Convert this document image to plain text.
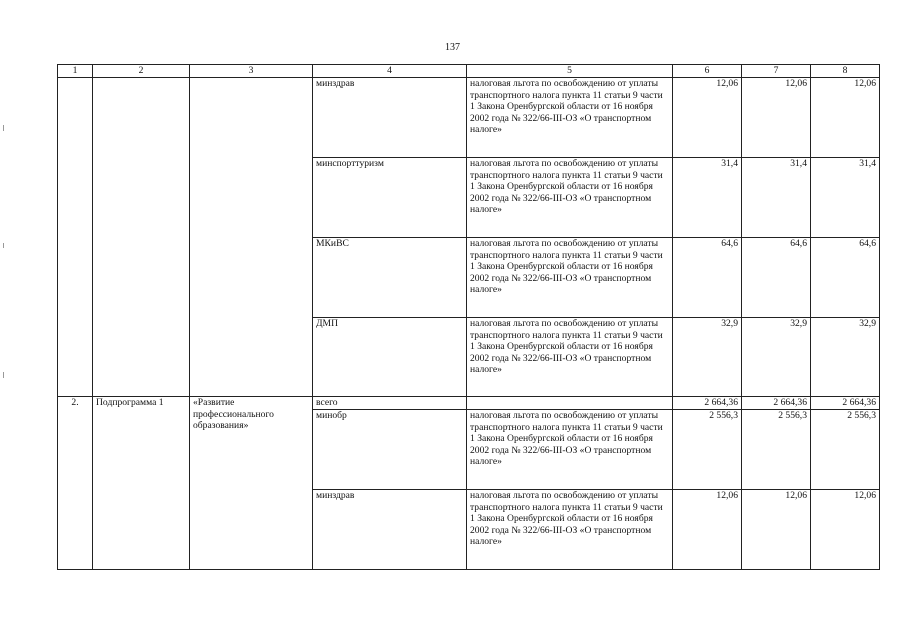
137
1	2	3	4	5	6	7	8
			минздрав	налоговая льгота по освобождению от уплаты транспортного налога пункта 11 статьи 9 части 1 Закона Оренбургской области от 16 ноября 2002 года № 322/66-III-ОЗ «О транспортном налоге»	12,06	12,06	12,06
			минспорттуризм	налоговая льгота по освобождению от уплаты транспортного налога пункта 11 статьи 9 части 1 Закона Оренбургской области от 16 ноября 2002 года № 322/66-III-ОЗ «О транспортном налоге»	31,4	31,4	31,4
			МКиВС	налоговая льгота по освобождению от уплаты транспортного налога пункта 11 статьи 9 части 1 Закона Оренбургской области от 16 ноября 2002 года № 322/66-III-ОЗ «О транспортном налоге»	64,6	64,6	64,6
			ДМП	налоговая льгота по освобождению от уплаты транспортного налога пункта 11 статьи 9 части 1 Закона Оренбургской области от 16 ноября 2002 года № 322/66-III-ОЗ «О транспортном налоге»	32,9	32,9	32,9
2.	Подпрограмма 1	«Развитие профессионального образования»	всего		2 664,36	2 664,36	2 664,36
			минобр	налоговая льгота по освобождению от уплаты транспортного налога пункта 11 статьи 9 части 1 Закона Оренбургской области от 16 ноября 2002 года № 322/66-III-ОЗ «О транспортном налоге»	2 556,3	2 556,3	2 556,3
			минздрав	налоговая льгота по освобождению от уплаты транспортного налога пункта 11 статьи 9 части 1 Закона Оренбургской области от 16 ноября 2002 года № 322/66-III-ОЗ «О транспортном налоге»	12,06	12,06	12,06
